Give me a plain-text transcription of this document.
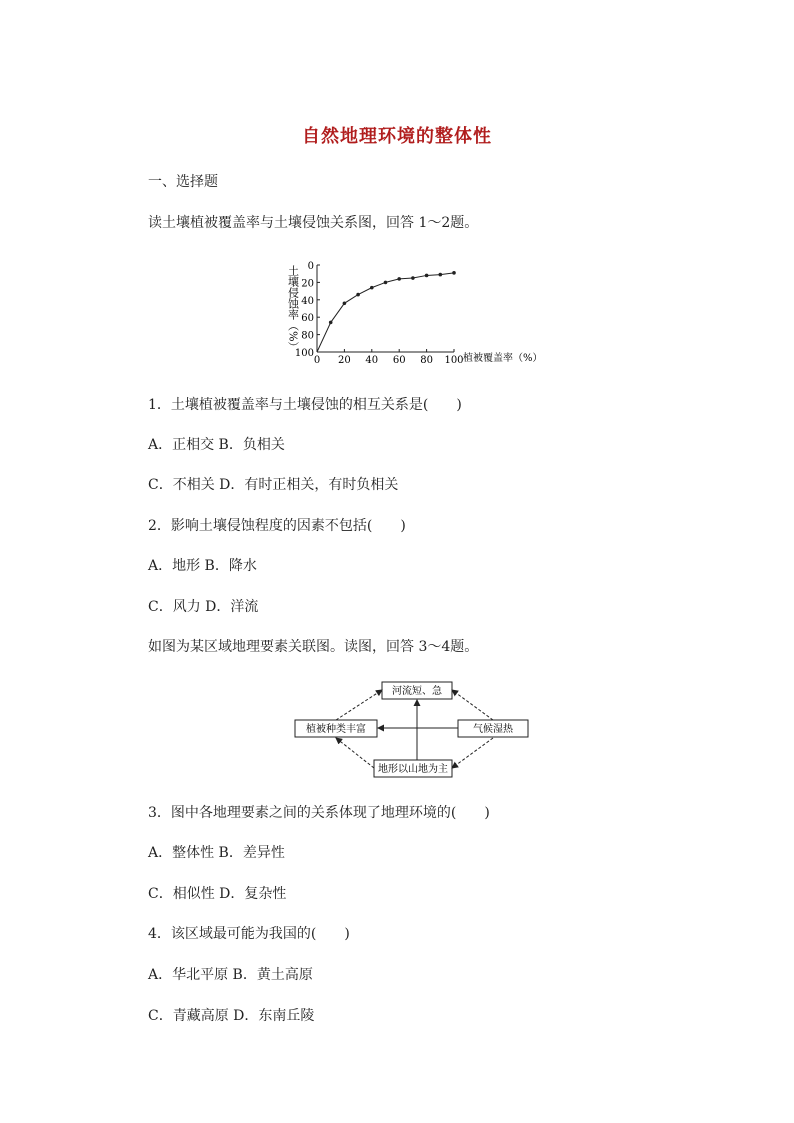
自然地理环境的整体性
一、选择题
读土壤植被覆盖率与土壤侵蚀关系图，回答 1～2题。
土壤侵蚀率（%） 0
20
40
60
80
100
0 20 40 60 80 100 植被覆盖率（%）
1．土壤植被覆盖率与土壤侵蚀的相互关系是(　　)
A．正相交 B．负相关
C．不相关 D．有时正相关，有时负相关
2．影响土壤侵蚀程度的因素不包括(　　)
A．地形 B．降水
C．风力 D．洋流
如图为某区域地理要素关联图。读图，回答 3～4题。
河流短、急
植被种类丰富	气候湿热
地形以山地为主
3．图中各地理要素之间的关系体现了地理环境的(　　)
A．整体性 B．差异性
C．相似性 D．复杂性
4．该区域最可能为我国的(　　)
A．华北平原 B．黄土高原
C．青藏高原 D．东南丘陵
